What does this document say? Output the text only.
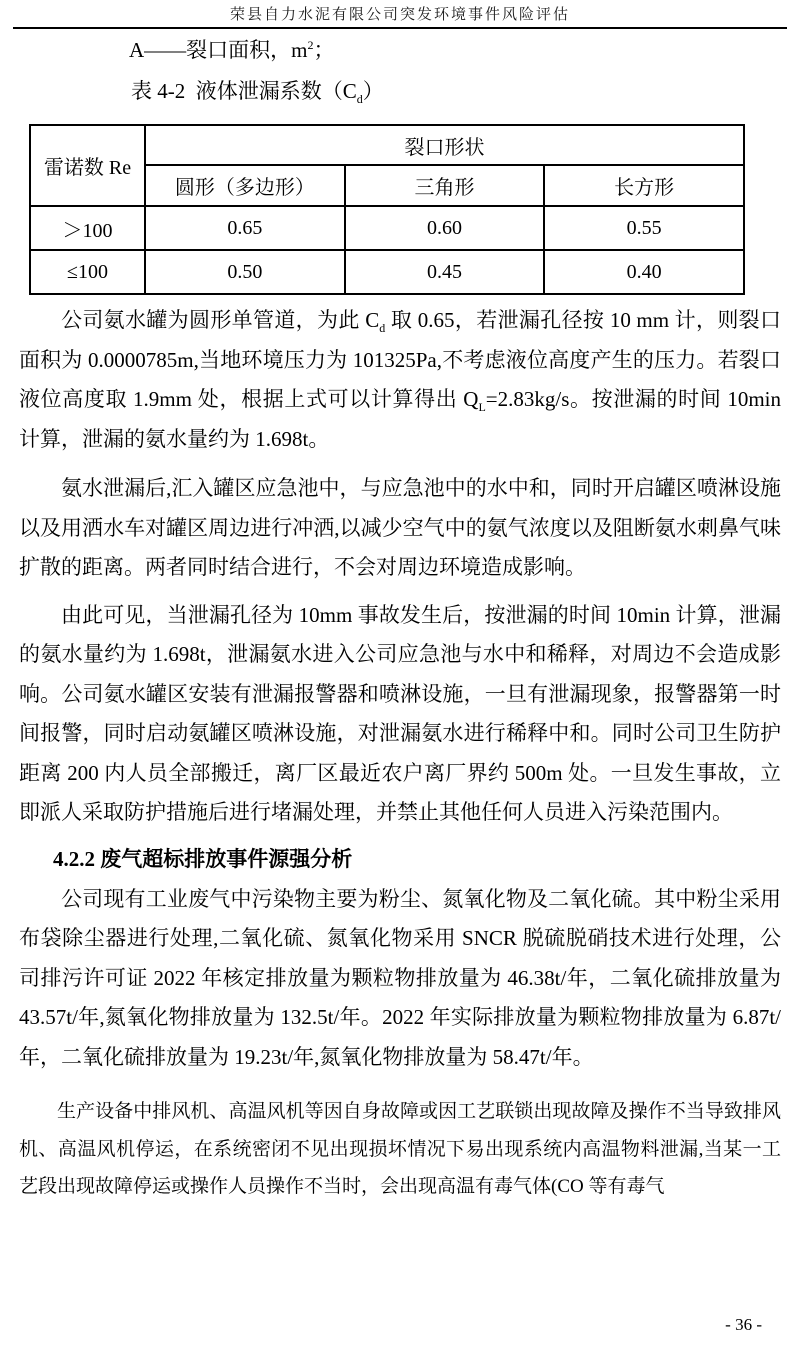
荣县自力水泥有限公司突发环境事件风险评估
A——裂口面积，$m^2$；
表 4-2  液体泄漏系数$(C_d)$
雷诺数 Re	裂口形状		
	圆形（多边形）	三角形	长方形
＞100	0.65	0.60	0.55
≤100	0.50	0.45	0.40

公司氨水罐为圆形单管道，为此 $C_d$ 取 0.65，若泄漏孔径按 10 mm 计，则裂口面积为 0.0000785m,当地环境压力为 101325Pa,不考虑液位高度产生的压力。若裂口液位高度取 1.9mm 处，根据上式可以计算得出 $Q_L=2.83kg/s$。按泄漏的时间 10min 计算，泄漏的氨水量约为 1.698t。

氨水泄漏后,汇入罐区应急池中，与应急池中的水中和，同时开启罐区喷淋设施以及用洒水车对罐区周边进行冲洒,以减少空气中的氨气浓度以及阻断氨水刺鼻气味扩散的距离。两者同时结合进行，不会对周边环境造成影响。

由此可见，当泄漏孔径为 10mm 事故发生后，按泄漏的时间 10min 计算，泄漏的氨水量约为 1.698t，泄漏氨水进入公司应急池与水中和稀释，对周边不会造成影响。公司氨水罐区安装有泄漏报警器和喷淋设施，一旦有泄漏现象，报警器第一时间报警，同时启动氨罐区喷淋设施，对泄漏氨水进行稀释中和。同时公司卫生防护距离 200 内人员全部搬迁，离厂区最近农户离厂界约 500m 处。一旦发生事故，立即派人采取防护措施后进行堵漏处理，并禁止其他任何人员进入污染范围内。

4.2.2 废气超标排放事件源强分析

公司现有工业废气中污染物主要为粉尘、氮氧化物及二氧化硫。其中粉尘采用布袋除尘器进行处理,二氧化硫、氮氧化物采用 SNCR 脱硫脱硝技术进行处理，公司排污许可证 2022 年核定排放量为颗粒物排放量为 46.38t/年，二氧化硫排放量为 43.57t/年,氮氧化物排放量为 132.5t/年。2022 年实际排放量为颗粒物排放量为 6.87t/年，二氧化硫排放量为 19.23t/年,氮氧化物排放量为 58.47t/年。

生产设备中排风机、高温风机等因自身故障或因工艺联锁出现故障及操作不当导致排风机、高温风机停运，在系统密闭不见出现损坏情况下易出现系统内高温物料泄漏,当某一工艺段出现故障停运或操作人员操作不当时，会出现高温有毒气体(CO 等有毒气

- 36 -
